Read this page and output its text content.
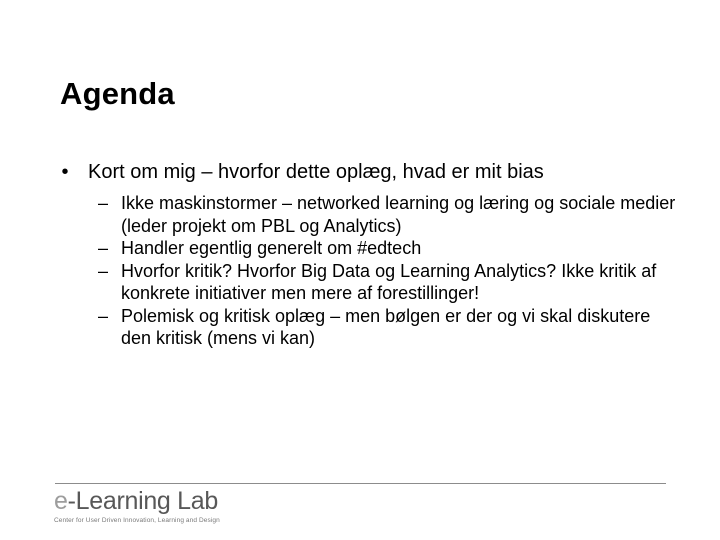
Agenda
• Kort om mig – hvorfor dette oplæg, hvad er mit bias
– Ikke maskinstormer – networked learning og læring og sociale medier (leder projekt om PBL og Analytics)
– Handler egentlig generelt om #edtech
– Hvorfor kritik? Hvorfor Big Data og Learning Analytics? Ikke kritik af konkrete initiativer men mere af forestillinger!
– Polemisk og kritisk oplæg – men bølgen er der og vi skal diskutere den kritisk (mens vi kan)
e-Learning Lab
Center for User Driven Innovation, Learning and Design
